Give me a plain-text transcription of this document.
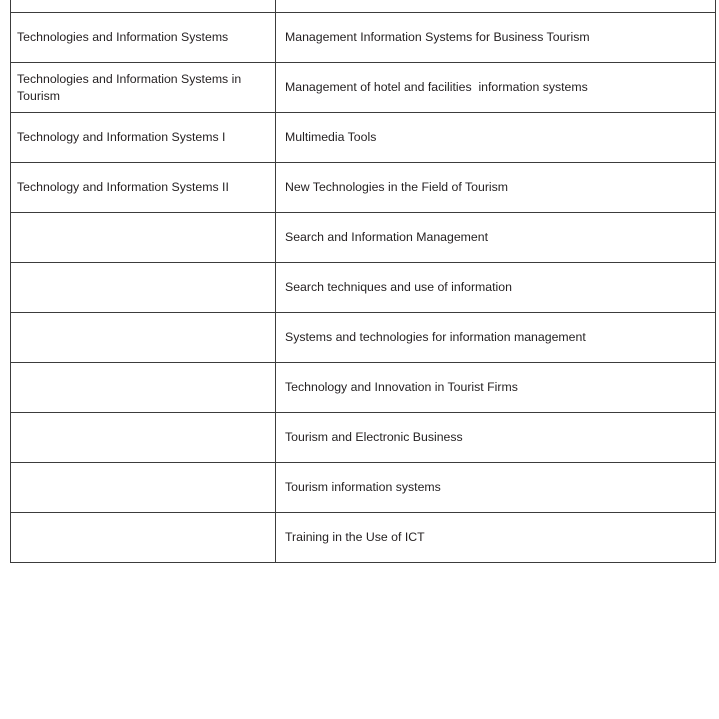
Technologies and Information Systems	Management Information Systems for Business Tourism

Technologies and Information Systems in Tourism	Management of hotel and facilities  information systems

Technology and Information Systems I	Multimedia Tools

Technology and Information Systems II	New Technologies in the Field of Tourism

	Search and Information Management

	Search techniques and use of information

	Systems and technologies for information management

	Technology and Innovation in Tourist Firms

	Tourism and Electronic Business

	Tourism information systems

	Training in the Use of ICT
